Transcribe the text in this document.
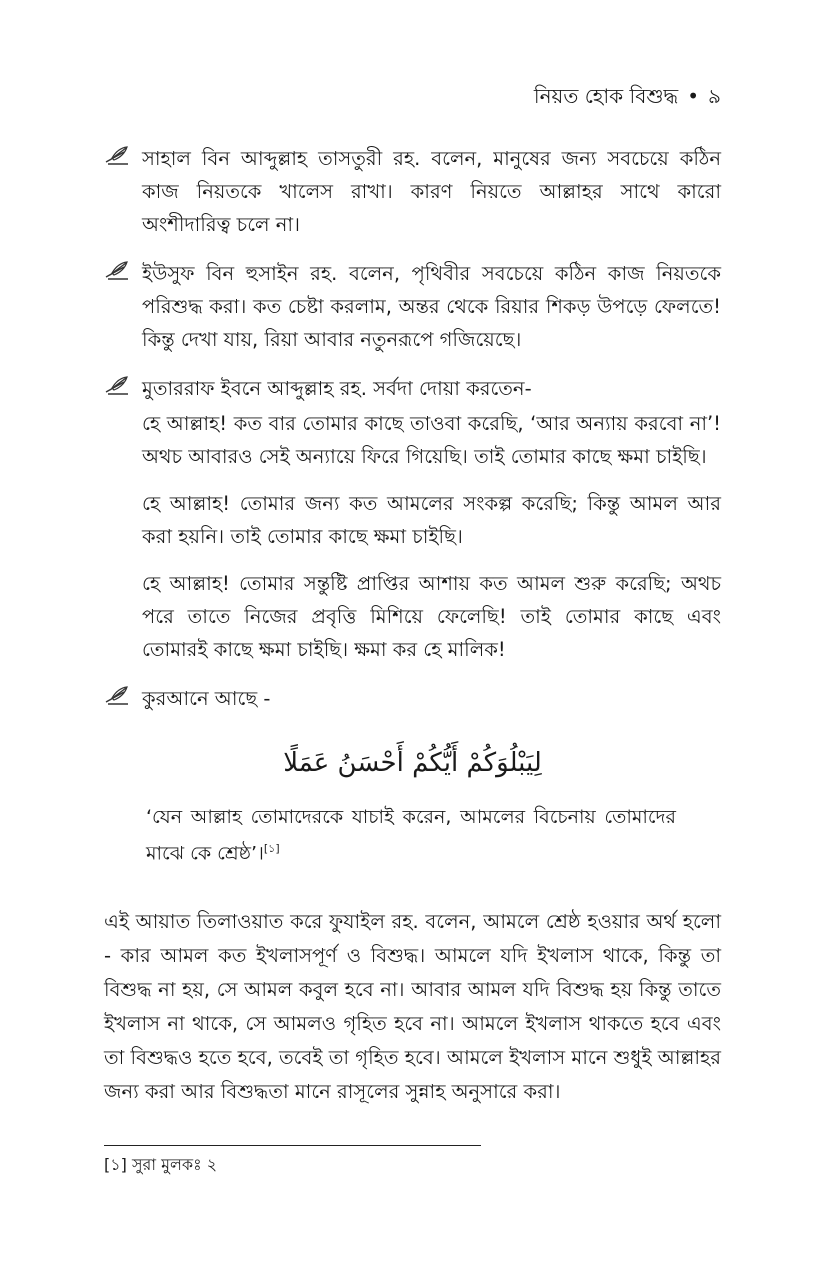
নিয়ত হোক বিশুদ্ধ • ৯

সাহাল বিন আব্দুল্লাহ তাসতুরী রহ. বলেন, মানুষের জন্য সবচেয়ে কঠিন কাজ নিয়তকে খালেস রাখা। কারণ নিয়তে আল্লাহর সাথে কারো অংশীদারিত্ব চলে না।

ইউসুফ বিন হুসাইন রহ. বলেন, পৃথিবীর সবচেয়ে কঠিন কাজ নিয়তকে পরিশুদ্ধ করা। কত চেষ্টা করলাম, অন্তর থেকে রিয়ার শিকড় উপড়ে ফেলতে! কিন্তু দেখা যায়, রিয়া আবার নতুনরূপে গজিয়েছে।

মুতাররাফ ইবনে আব্দুল্লাহ রহ. সর্বদা দোয়া করতেন-

হে আল্লাহ! কত বার তোমার কাছে তাওবা করেছি, ‘আর অন্যায় করবো না’! অথচ আবারও সেই অন্যায়ে ফিরে গিয়েছি। তাই তোমার কাছে ক্ষমা চাইছি।

হে আল্লাহ! তোমার জন্য কত আমলের সংকল্প করেছি; কিন্তু আমল আর করা হয়নি। তাই তোমার কাছে ক্ষমা চাইছি।

হে আল্লাহ! তোমার সন্তুষ্টি প্রাপ্তির আশায় কত আমল শুরু করেছি; অথচ পরে তাতে নিজের প্রবৃত্তি মিশিয়ে ফেলেছি! তাই তোমার কাছে এবং তোমারই কাছে ক্ষমা চাইছি। ক্ষমা কর হে মালিক!

কুরআনে আছে -

لِيَبْلُوَكُمْ أَيُّكُمْ أَحْسَنُ عَمَلًا

‘যেন আল্লাহ তোমাদেরকে যাচাই করেন, আমলের বিচেনায় তোমাদের মাঝে কে শ্রেষ্ঠ’।[১]

এই আয়াত তিলাওয়াত করে ফুযাইল রহ. বলেন, আমলে শ্রেষ্ঠ হওয়ার অর্থ হলো - কার আমল কত ইখলাসপূর্ণ ও বিশুদ্ধ। আমলে যদি ইখলাস থাকে, কিন্তু তা বিশুদ্ধ না হয়, সে আমল কবুল হবে না। আবার আমল যদি বিশুদ্ধ হয় কিন্তু তাতে ইখলাস না থাকে, সে আমলও গৃহিত হবে না। আমলে ইখলাস থাকতে হবে এবং তা বিশুদ্ধও হতে হবে, তবেই তা গৃহিত হবে। আমলে ইখলাস মানে শুধুই আল্লাহর জন্য করা আর বিশুদ্ধতা মানে রাসূলের সুন্নাহ অনুসারে করা।

[১] সুরা মুলকঃ ২
